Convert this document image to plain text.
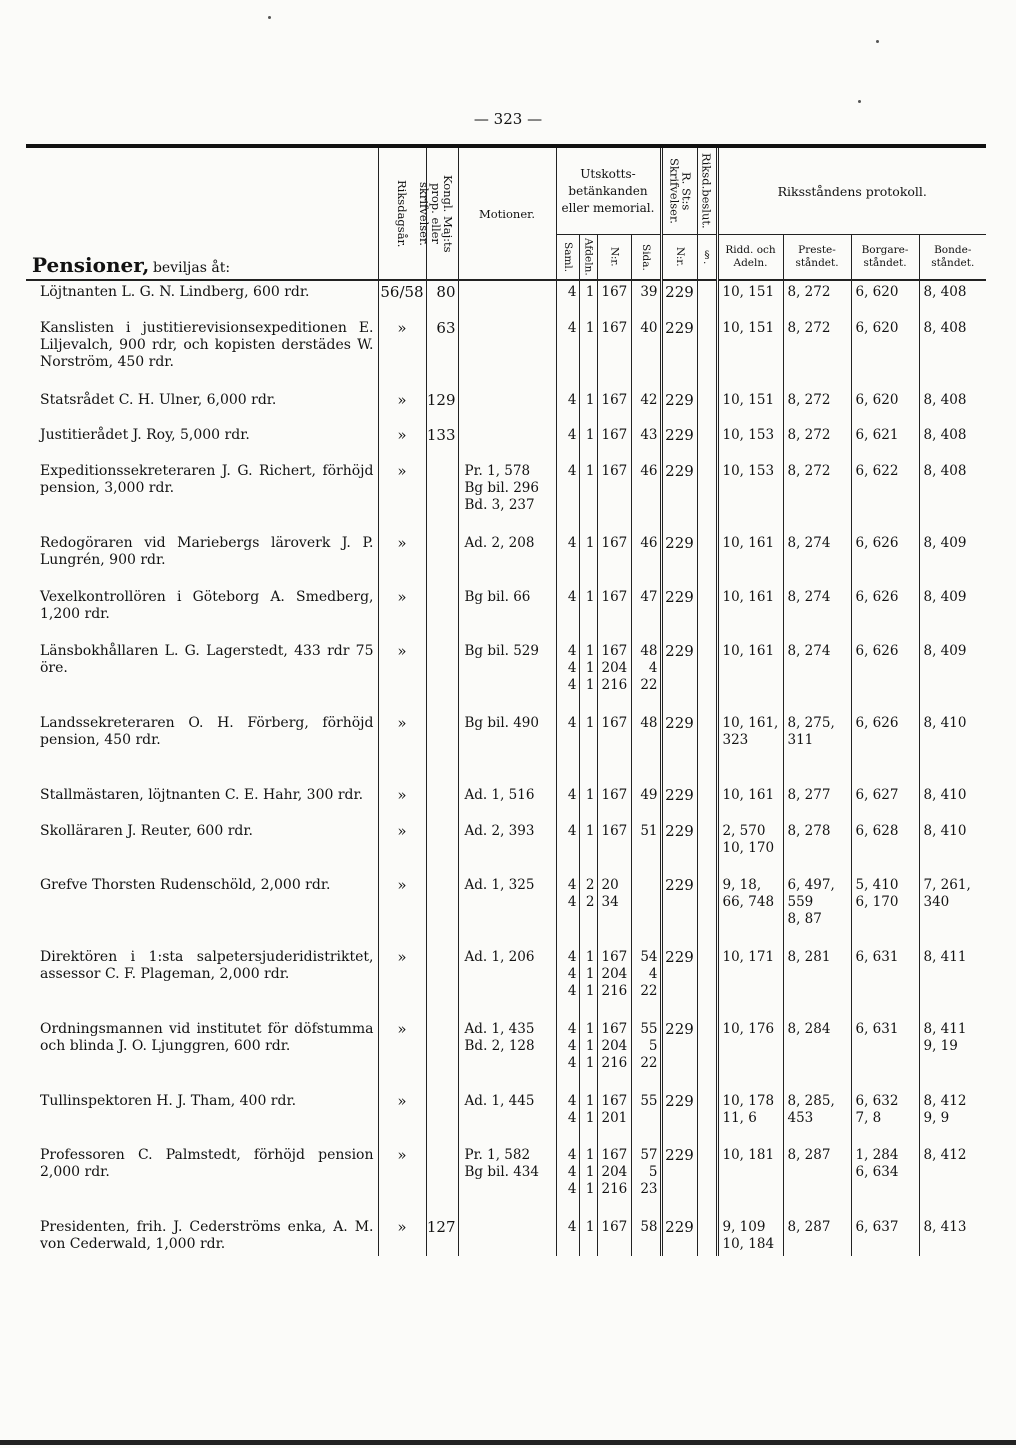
— 323 —
Pensioner, beviljas åt:	Riksdagsår.	Kongl. Maj:ts prop. eller skrifvelser.	Motioner.	Utskotts-betänkanden eller memorial.				R. St:s Skrifvelser.	Riksd.beslut.	Riksståndens protokoll.			

				Saml.	Afdeln.	N:r.	Sida.	N:r.	§.	Ridd. och Adeln.	Preste-ståndet.	Borgare-ståndet.	Bonde-ståndet.
Löjtnanten L. G. N. Lindberg, 600 rdr.	56/58	80		4	1	167	39	229		10, 151	8, 272	6, 620	8, 408

Kanslisten i justitierevisionsexpeditionen E. Liljevalch, 900 rdr, och kopisten derstädes W. Norström, 450 rdr.	»	63		4	1	167	40	229		10, 151	8, 272	6, 620	8, 408

Statsrådet C. H. Ulner, 6,000 rdr.	»	129		4	1	167	42	229		10, 151	8, 272	6, 620	8, 408

Justitierådet J. Roy, 5,000 rdr.	»	133		4	1	167	43	229		10, 153	8, 272	6, 621	8, 408

Expeditionssekreteraren J. G. Richert, förhöjd pension, 3,000 rdr.	»		Pr. 1, 578
Bg bil. 296
Bd. 3, 237	4	1	167	46	229		10, 153	8, 272	6, 622	8, 408

Redogöraren vid Mariebergs läroverk J. P. Lungrén, 900 rdr.	»		Ad. 2, 208	4	1	167	46	229		10, 161	8, 274	6, 626	8, 409

Vexelkontrollören i Göteborg A. Smedberg, 1,200 rdr.	»		Bg bil. 66	4	1	167	47	229		10, 161	8, 274	6, 626	8, 409

Länsbokhållaren L. G. Lagerstedt, 433 rdr 75 öre.	»		Bg bil. 529	4
4
4	1
1
1	167
204
216	48
4
22	229		10, 161	8, 274	6, 626	8, 409

Landssekreteraren O. H. Förberg, förhöjd pension, 450 rdr.	»		Bg bil. 490	4	1	167	48	229		10, 161,
323	8, 275,
311	6, 626	8, 410

Stallmästaren, löjtnanten C. E. Hahr, 300 rdr.	»		Ad. 1, 516	4	1	167	49	229		10, 161	8, 277	6, 627	8, 410

Skolläraren J. Reuter, 600 rdr.	»		Ad. 2, 393	4	1	167	51	229		2, 570
10, 170	8, 278	6, 628	8, 410

Grefve Thorsten Rudenschöld, 2,000 rdr.	»		Ad. 1, 325	4
4	2
2	20
34		229		9, 18,
66, 748	6, 497,
559
8, 87	5, 410
6, 170	7, 261,
340

Direktören i 1:sta salpetersjuderidistriktet, assessor C. F. Plageman, 2,000 rdr.	»		Ad. 1, 206	4
4
4	1
1
1	167
204
216	54
4
22	229		10, 171	8, 281	6, 631	8, 411

Ordningsmannen vid institutet för döfstumma och blinda J. O. Ljunggren, 600 rdr.	»		Ad. 1, 435
Bd. 2, 128	4
4
4	1
1
1	167
204
216	55
5
22	229		10, 176	8, 284	6, 631	8, 411
9, 19

Tullinspektoren H. J. Tham, 400 rdr.	»		Ad. 1, 445	4
4	1
1	167
201	55	229		10, 178
11, 6	8, 285,
453	6, 632
7, 8	8, 412
9, 9

Professoren C. Palmstedt, förhöjd pension 2,000 rdr.	»		Pr. 1, 582
Bg bil. 434	4
4
4	1
1
1	167
204
216	57
5
23	229		10, 181	8, 287	1, 284
6, 634	8, 412

Presidenten, frih. J. Cederströms enka, A. M. von Cederwald, 1,000 rdr.	»	127		4	1	167	58	229		9, 109
10, 184	8, 287	6, 637	8, 413
